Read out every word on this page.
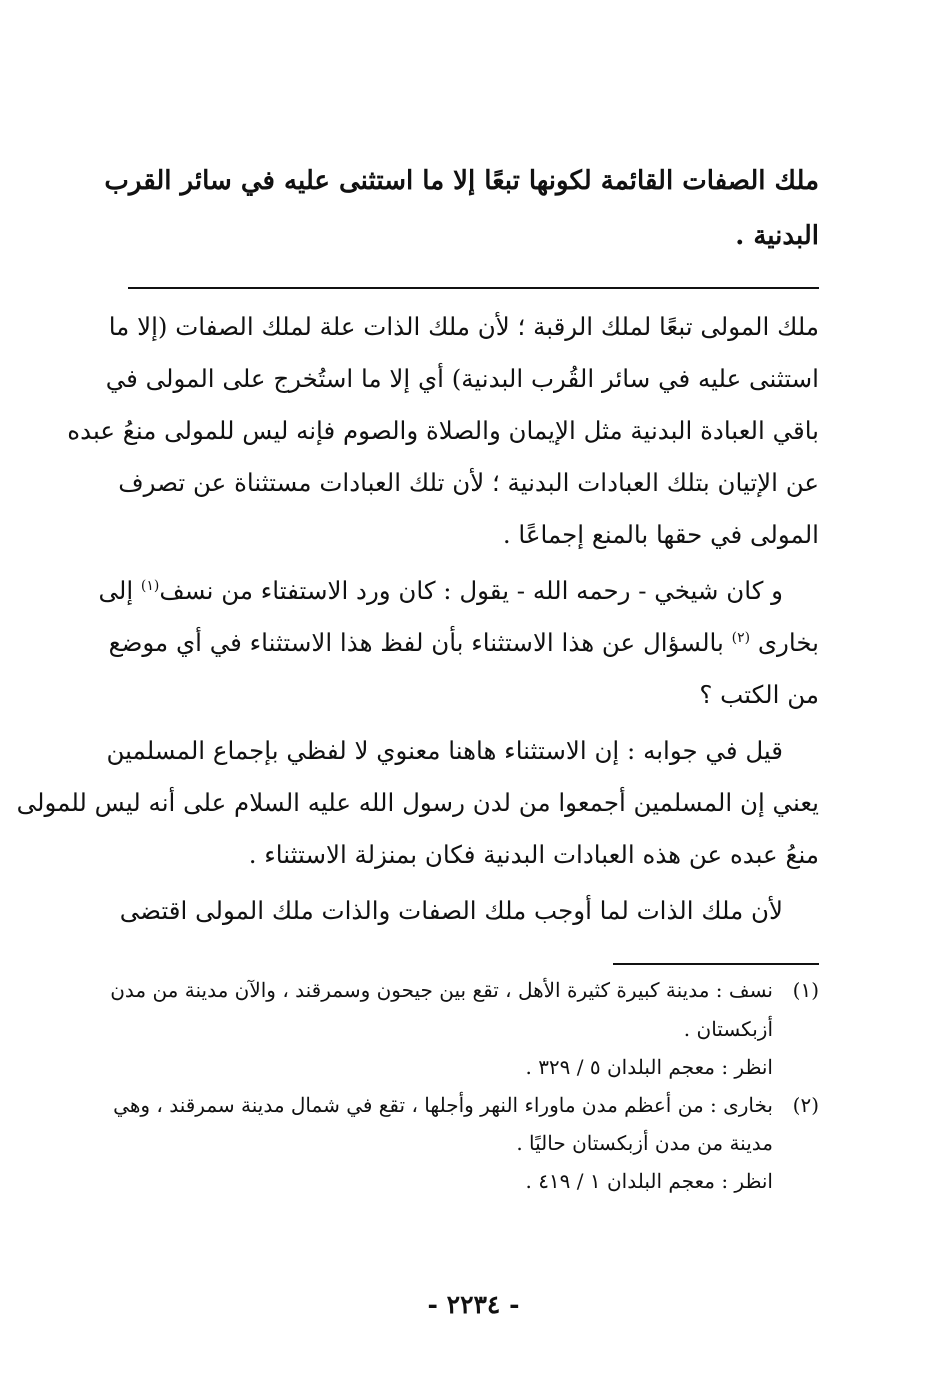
ملك الصفات القائمة لكونها تبعًا إلا ما استثنى عليه في سائر القرب
البدنية .
ملك المولى تبعًا لملك الرقبة ؛ لأن ملك الذات علة لملك الصفات (إلا ما
استثنى عليه في سائر القُرب البدنية) أي إلا ما استُخرج على المولى في
باقي العبادة البدنية مثل الإيمان والصلاة والصوم فإنه ليس للمولى منعُ عبده
عن الإتيان بتلك العبادات البدنية ؛ لأن تلك العبادات مستثناة عن تصرف
المولى في حقها بالمنع إجماعًا .
و كان شيخي - رحمه الله - يقول : كان ورد الاستفتاء من نسف$^{(١)}$ إلى
بخارى $^{(٢)}$ بالسؤال عن هذا الاستثناء بأن لفظ هذا الاستثناء في أي موضع
من الكتب ؟
قيل في جوابه : إن الاستثناء هاهنا معنوي لا لفظي بإجماع المسلمين
يعني إن المسلمين أجمعوا من لدن رسول الله عليه السلام على أنه ليس للمولى
منعُ عبده عن هذه العبادات البدنية فكان بمنزلة الاستثناء .
لأن ملك الذات لما أوجب ملك الصفات والذات ملك المولى اقتضى
(١)نسف : مدينة كبيرة كثيرة الأهل ، تقع بين جيحون وسمرقند ، والآن مدينة من مدن
أزبكستان .
انظر : معجم البلدان ٥ / ٣٢٩ .
(٢)بخارى : من أعظم مدن ماوراء النهر وأجلها ، تقع في شمال مدينة سمرقند ، وهي
مدينة من مدن أزبكستان حاليًا .
انظر : معجم البلدان ١ / ٤١٩ .
- ٢٢٣٤ -
